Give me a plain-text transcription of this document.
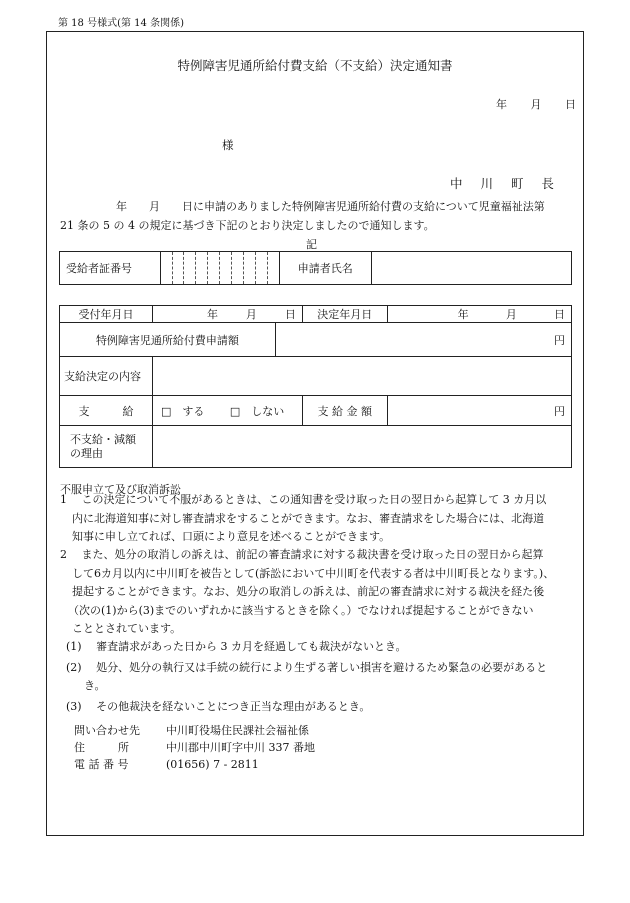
第 18 号様式(第 14 条関係)
特例障害児通所給付費支給（不支給）決定通知書
年 月 日
様
中 川 町 長
年　　月　　日に申請のありました特例障害児通所給付費の支給について児童福祉法第
21 条の 5 の 4 の規定に基づき下記のとおり決定しましたので通知します。
記
受給者証番号											申請者氏名	
受付年月日	年 月 日		決定年月日	年 月 日

特例障害児通所給付費申請額		円		
支給決定の内容				
支　　　給	□　する □　しない		支 給 金 額	円

不支給・減額
の理由				

不服申立て及び取消訴訟
1　 この決定について不服があるときは、この通知書を受け取った日の翌日から起算して 3 カ月以
内に北海道知事に対し審査請求をすることができます。なお、審査請求をした場合には、北海道
知事に申し立てれば、口頭により意見を述べることができます。
2　 また、処分の取消しの訴えは、前記の審査請求に対する裁決書を受け取った日の翌日から起算
して6カ月以内に中川町を被告として(訴訟において中川町を代表する者は中川町長となります。)、
提起することができます。なお、処分の取消しの訴えは、前記の審査請求に対する裁決を経た後
（次の(1)から(3)までのいずれかに該当するときを除く。）でなければ提起することができない
こととされています。
(1)　 審査請求があった日から 3 カ月を経過しても裁決がないとき。
(2)　 処分、処分の執行又は手続の続行により生ずる著しい損害を避けるため緊急の必要があると
き。
(3)　 その他裁決を経ないことにつき正当な理由があるとき。
問い合わせ先 中川町役場住民課社会福祉係
住　　　所	中川郡中川町字中川 337 番地
電 話 番 号	(01656) 7 - 2811
